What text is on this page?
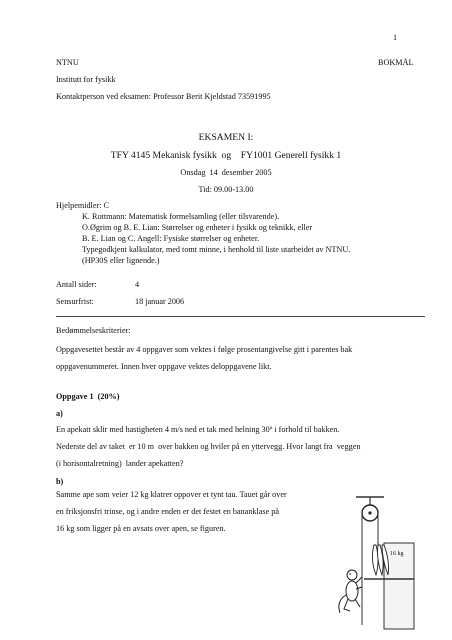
1
NTNU	BOKMÅL
Institutt for fysikk
Kontaktperson ved eksamen: Professor Berit Kjeldstad 73591995
EKSAMEN I:
TFY 4145 Mekanisk fysikk  og    FY1001 Generell fysikk 1
Onsdag  14  desember 2005
Tid: 09.00-13.00
Hjelpemidler: C
K. Rottmann: Matematisk formelsamling (eller tilsvarende).
O.Øgrim og B. E. Lian: Størrelser og enheter i fysikk og teknikk, eller
B. E. Lian og C. Angell: Fysiske størrelser og enheter.
Typegodkjent kalkulator, med tomt minne, i henhold til liste utarbeidet av NTNU.
(HP30S eller lignende.)
Antall sider:	4
Sensurfrist:	18 januar 2006
Bedømmelseskriterier:
Oppgavesettet består av 4 oppgaver som vektes i følge prosentangivelse gitt i parentes bak
oppgavenummeret. Innen hver oppgave vektes deloppgavene likt.
Oppgave 1  (20%)
a)
En apekatt sklir med hastigheten 4 m/s ned et tak med helning 30º i forhold til bakken.
Nederste del av taket  er 10 m  over bakken og hviler på en yttervegg. Hvor langt fra  veggen
(i horisontalretning)  lander apekatten?
b)
Samme ape som veier 12 kg klatrer oppover et tynt tau. Tauet går over
en friksjonsfri trinse, og i andre enden er det festet en bananklase på
16 kg som ligger på en avsats over apen, se figuren.
16 kg
